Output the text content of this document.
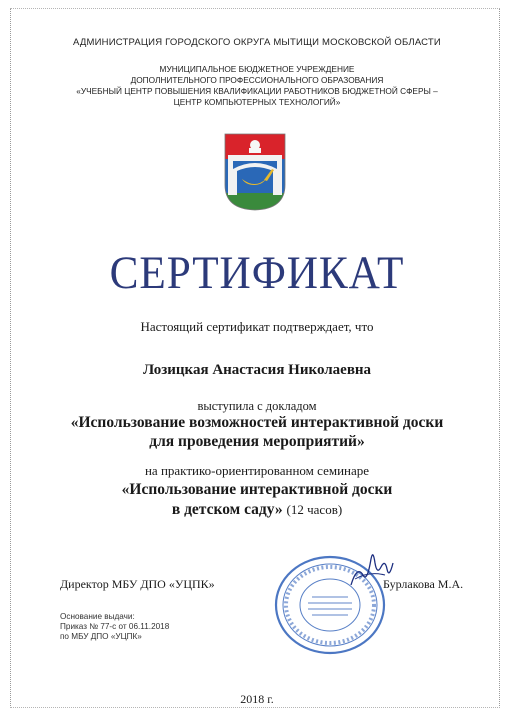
АДМИНИСТРАЦИЯ ГОРОДСКОГО ОКРУГА МЫТИЩИ МОСКОВСКОЙ ОБЛАСТИ
МУНИЦИПАЛЬНОЕ БЮДЖЕТНОЕ УЧРЕЖДЕНИЕ
ДОПОЛНИТЕЛЬНОГО ПРОФЕССИОНАЛЬНОГО ОБРАЗОВАНИЯ
«УЧЕБНЫЙ ЦЕНТР ПОВЫШЕНИЯ КВАЛИФИКАЦИИ РАБОТНИКОВ БЮДЖЕТНОЙ СФЕРЫ –
ЦЕНТР КОМПЬЮТЕРНЫХ ТЕХНОЛОГИЙ»
СЕРТИФИКАТ
Настоящий сертификат подтверждает, что
Лозицкая Анастасия Николаевна
выступила с докладом
«Использование возможностей интерактивной доски
для проведения мероприятий»
на практико-ориентированном семинаре
«Использование интерактивной доски
в детском саду» (12 часов)
Директор МБУ ДПО «УЦПК»	Бурлакова М.А.
Основание выдачи:
Приказ № 77-с от 06.11.2018
по МБУ ДПО «УЦПК»
2018 г.
